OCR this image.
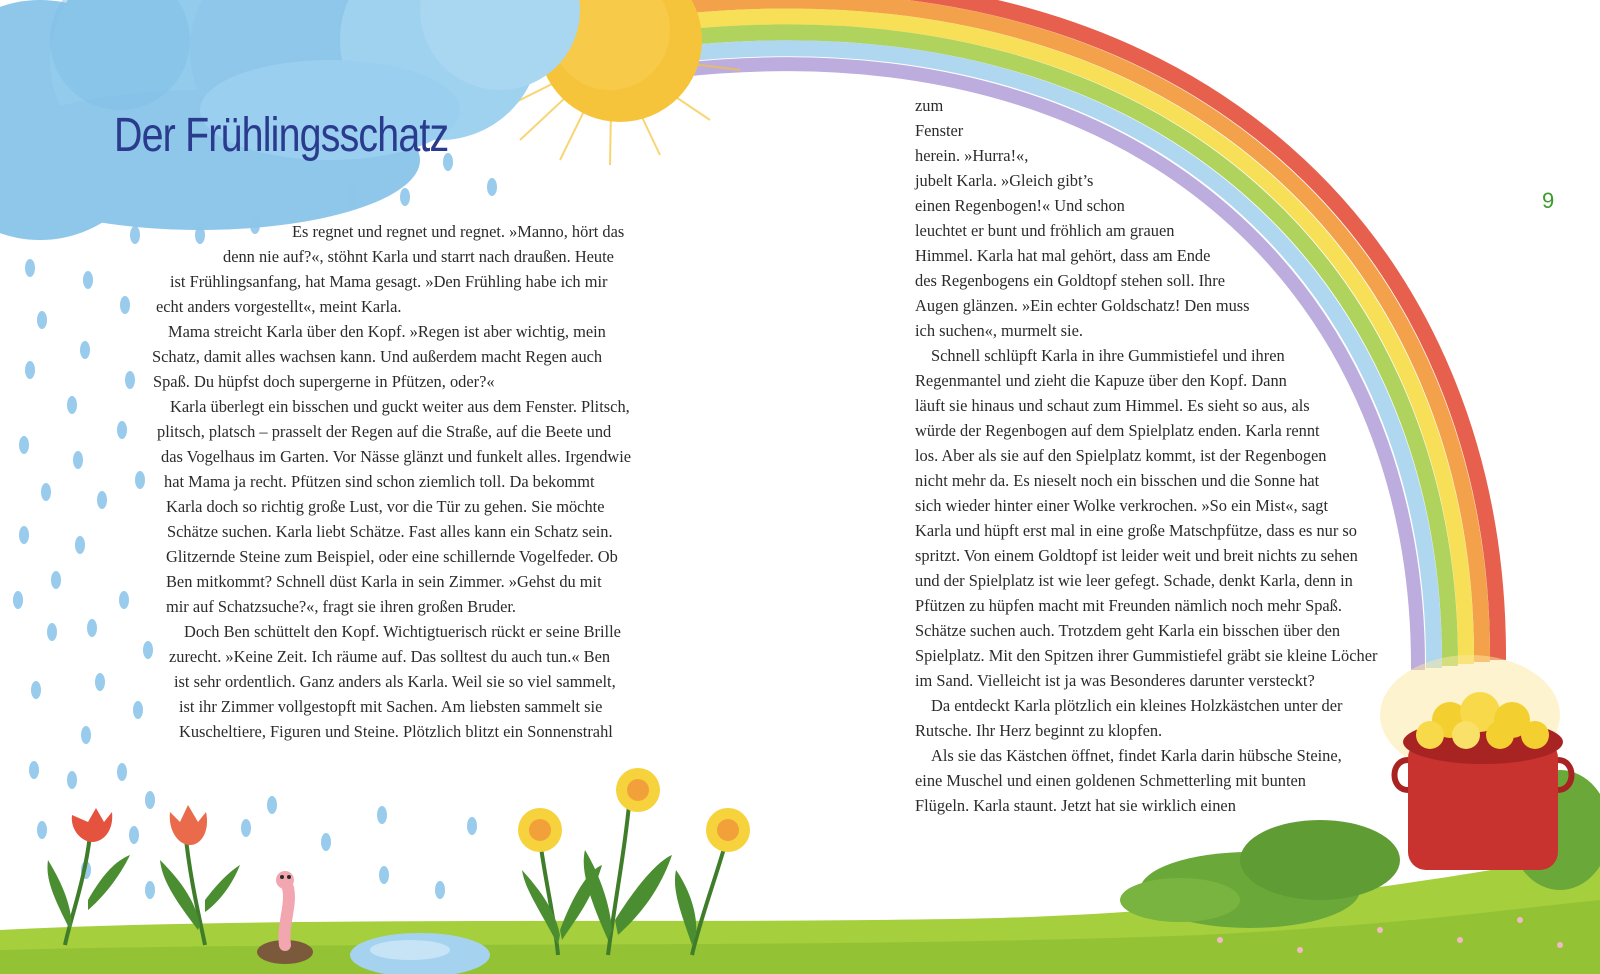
Der Frühlingsschatz
9
Es regnet und regnet und regnet. »Manno, hört das
denn nie auf?«, stöhnt Karla und starrt nach draußen. Heute
ist Frühlingsanfang, hat Mama gesagt. »Den Frühling habe ich mir
echt anders vorgestellt«, meint Karla.
Mama streicht Karla über den Kopf. »Regen ist aber wichtig, mein
Schatz, damit alles wachsen kann. Und außerdem macht Regen auch
Spaß. Du hüpfst doch supergerne in Pfützen, oder?«
Karla überlegt ein bisschen und guckt weiter aus dem Fenster. Plitsch,
plitsch, platsch – prasselt der Regen auf die Straße, auf die Beete und
das Vogelhaus im Garten. Vor Nässe glänzt und funkelt alles. Irgendwie
hat Mama ja recht. Pfützen sind schon ziemlich toll. Da bekommt
Karla doch so richtig große Lust, vor die Tür zu gehen. Sie möchte
Schätze suchen. Karla liebt Schätze. Fast alles kann ein Schatz sein.
Glitzernde Steine zum Beispiel, oder eine schillernde Vogelfeder. Ob
Ben mitkommt? Schnell düst Karla in sein Zimmer. »Gehst du mit
mir auf Schatzsuche?«, fragt sie ihren großen Bruder.
Doch Ben schüttelt den Kopf. Wichtigtuerisch rückt er seine Brille
zurecht. »Keine Zeit. Ich räume auf. Das solltest du auch tun.« Ben
ist sehr ordentlich. Ganz anders als Karla. Weil sie so viel sammelt,
ist ihr Zimmer vollgestopft mit Sachen. Am liebsten sammelt sie
Kuscheltiere, Figuren und Steine. Plötzlich blitzt ein Sonnenstrahl
zum
Fenster
herein. »Hurra!«,
jubelt Karla. »Gleich gibt’s
einen Regenbogen!« Und schon
leuchtet er bunt und fröhlich am grauen
Himmel. Karla hat mal gehört, dass am Ende
des Regenbogens ein Goldtopf stehen soll. Ihre
Augen glänzen. »Ein echter Goldschatz! Den muss
ich suchen«, murmelt sie.
Schnell schlüpft Karla in ihre Gummistiefel und ihren
Regenmantel und zieht die Kapuze über den Kopf. Dann
läuft sie hinaus und schaut zum Himmel. Es sieht so aus, als
würde der Regenbogen auf dem Spielplatz enden. Karla rennt
los. Aber als sie auf den Spielplatz kommt, ist der Regenbogen
nicht mehr da. Es nieselt noch ein bisschen und die Sonne hat
sich wieder hinter einer Wolke verkrochen. »So ein Mist«, sagt
Karla und hüpft erst mal in eine große Matschpfütze, dass es nur so
spritzt. Von einem Goldtopf ist leider weit und breit nichts zu sehen
und der Spielplatz ist wie leer gefegt. Schade, denkt Karla, denn in
Pfützen zu hüpfen macht mit Freunden nämlich noch mehr Spaß.
Schätze suchen auch. Trotzdem geht Karla ein bisschen über den
Spielplatz. Mit den Spitzen ihrer Gummistiefel gräbt sie kleine Löcher
im Sand. Vielleicht ist ja was Besonderes darunter versteckt?
Da entdeckt Karla plötzlich ein kleines Holzkästchen unter der
Rutsche. Ihr Herz beginnt zu klopfen.
Als sie das Kästchen öffnet, findet Karla darin hübsche Steine,
eine Muschel und einen goldenen Schmetterling mit bunten
Flügeln. Karla staunt. Jetzt hat sie wirklich einen
